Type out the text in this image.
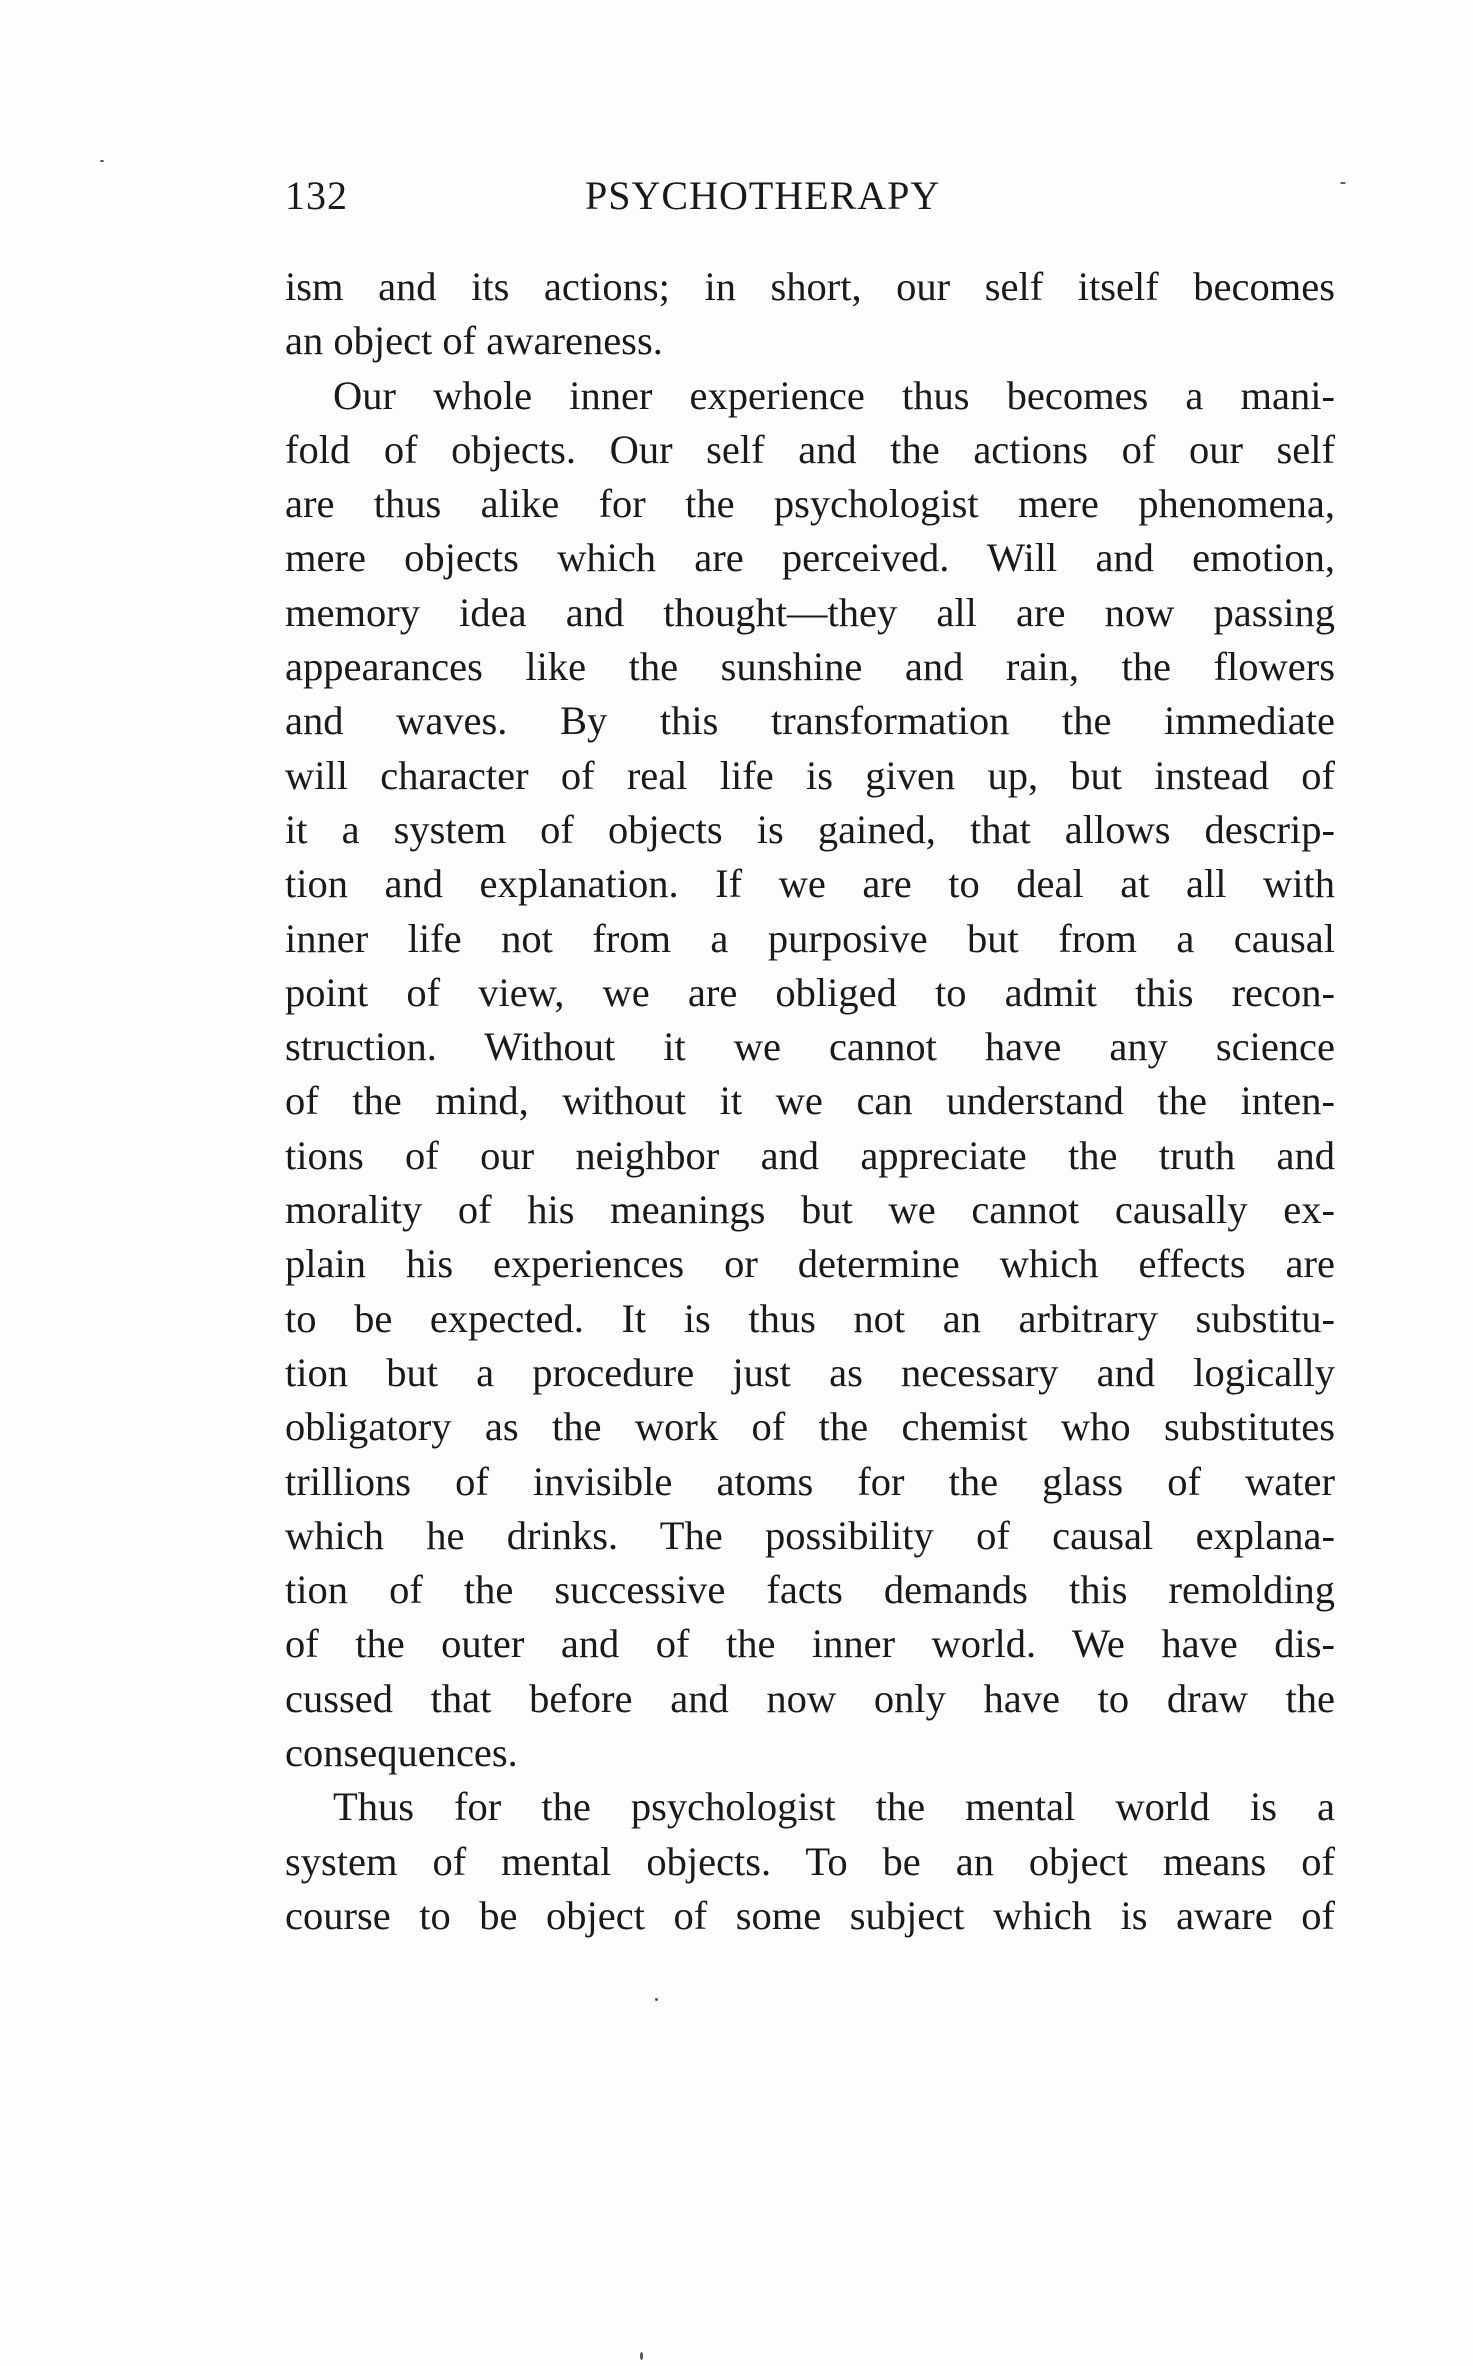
132	PSYCHOTHERAPY
ism and its actions; in short, our self itself becomes
an object of awareness.
Our whole inner experience thus becomes a mani-
fold of objects. Our self and the actions of our self
are thus alike for the psychologist mere phenomena,
mere objects which are perceived. Will and emotion,
memory idea and thought—they all are now passing
appearances like the sunshine and rain, the flowers
and waves. By this transformation the immediate
will character of real life is given up, but instead of
it a system of objects is gained, that allows descrip-
tion and explanation. If we are to deal at all with
inner life not from a purposive but from a causal
point of view, we are obliged to admit this recon-
struction. Without it we cannot have any science
of the mind, without it we can understand the inten-
tions of our neighbor and appreciate the truth and
morality of his meanings but we cannot causally ex-
plain his experiences or determine which effects are
to be expected. It is thus not an arbitrary substitu-
tion but a procedure just as necessary and logically
obligatory as the work of the chemist who substitutes
trillions of invisible atoms for the glass of water
which he drinks. The possibility of causal explana-
tion of the successive facts demands this remolding
of the outer and of the inner world. We have dis-
cussed that before and now only have to draw the
consequences.
Thus for the psychologist the mental world is a
system of mental objects. To be an object means of
course to be object of some subject which is aware of
